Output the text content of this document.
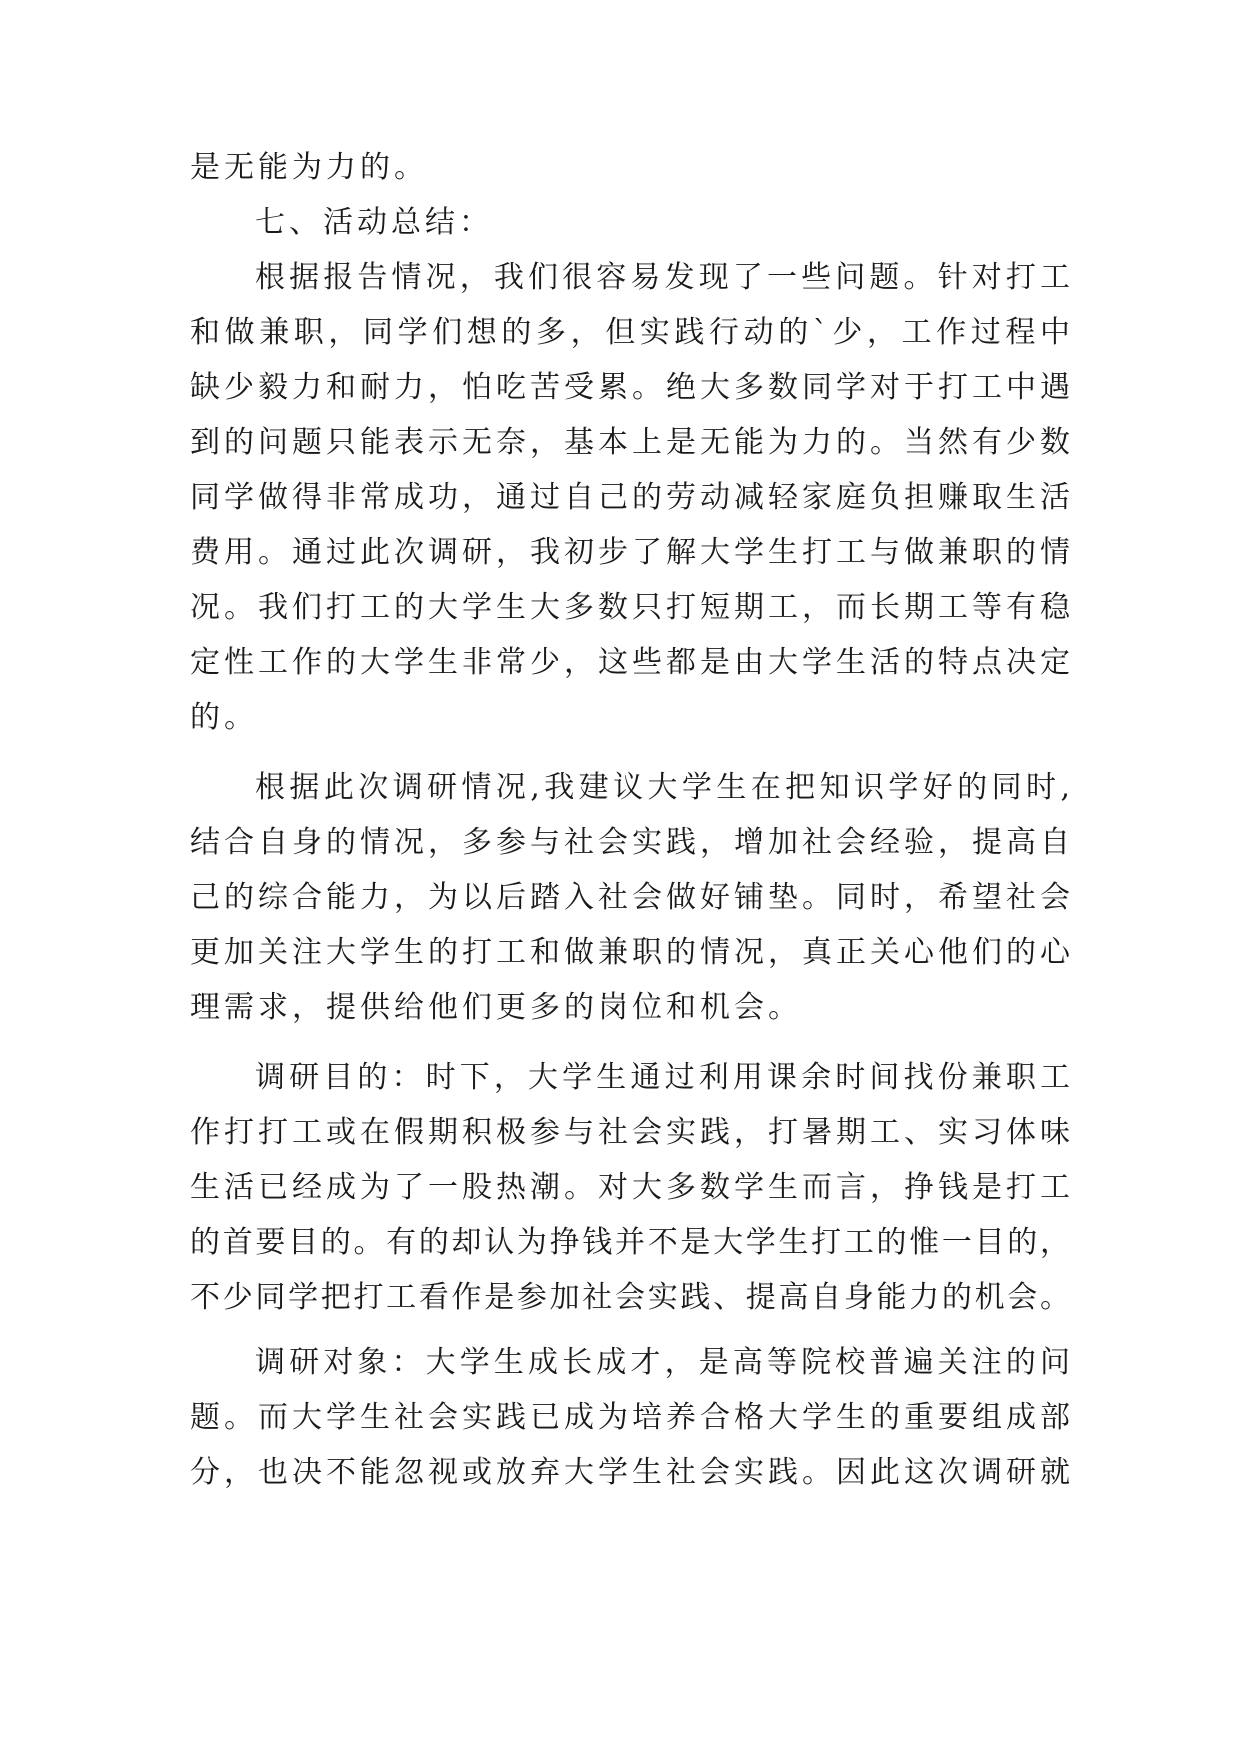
是无能为力的。
七、活动总结：
根据报告情况，我们很容易发现了一些问题。针对打工
和做兼职，同学们想的多，但实践行动的`少，工作过程中
缺少毅力和耐力，怕吃苦受累。绝大多数同学对于打工中遇
到的问题只能表示无奈，基本上是无能为力的。当然有少数
同学做得非常成功，通过自己的劳动减轻家庭负担赚取生活
费用。通过此次调研，我初步了解大学生打工与做兼职的情
况。我们打工的大学生大多数只打短期工，而长期工等有稳
定性工作的大学生非常少，这些都是由大学生活的特点决定
的。
根据此次调研情况,我建议大学生在把知识学好的同时,
结合自身的情况，多参与社会实践，增加社会经验，提高自
己的综合能力，为以后踏入社会做好铺垫。同时，希望社会
更加关注大学生的打工和做兼职的情况，真正关心他们的心
理需求，提供给他们更多的岗位和机会。
调研目的：时下，大学生通过利用课余时间找份兼职工
作打打工或在假期积极参与社会实践，打暑期工、实习体味
生活已经成为了一股热潮。对大多数学生而言，挣钱是打工
的首要目的。有的却认为挣钱并不是大学生打工的惟一目的，
不少同学把打工看作是参加社会实践、提高自身能力的机会。
调研对象：大学生成长成才，是高等院校普遍关注的问
题。而大学生社会实践已成为培养合格大学生的重要组成部
分，也决不能忽视或放弃大学生社会实践。因此这次调研就
